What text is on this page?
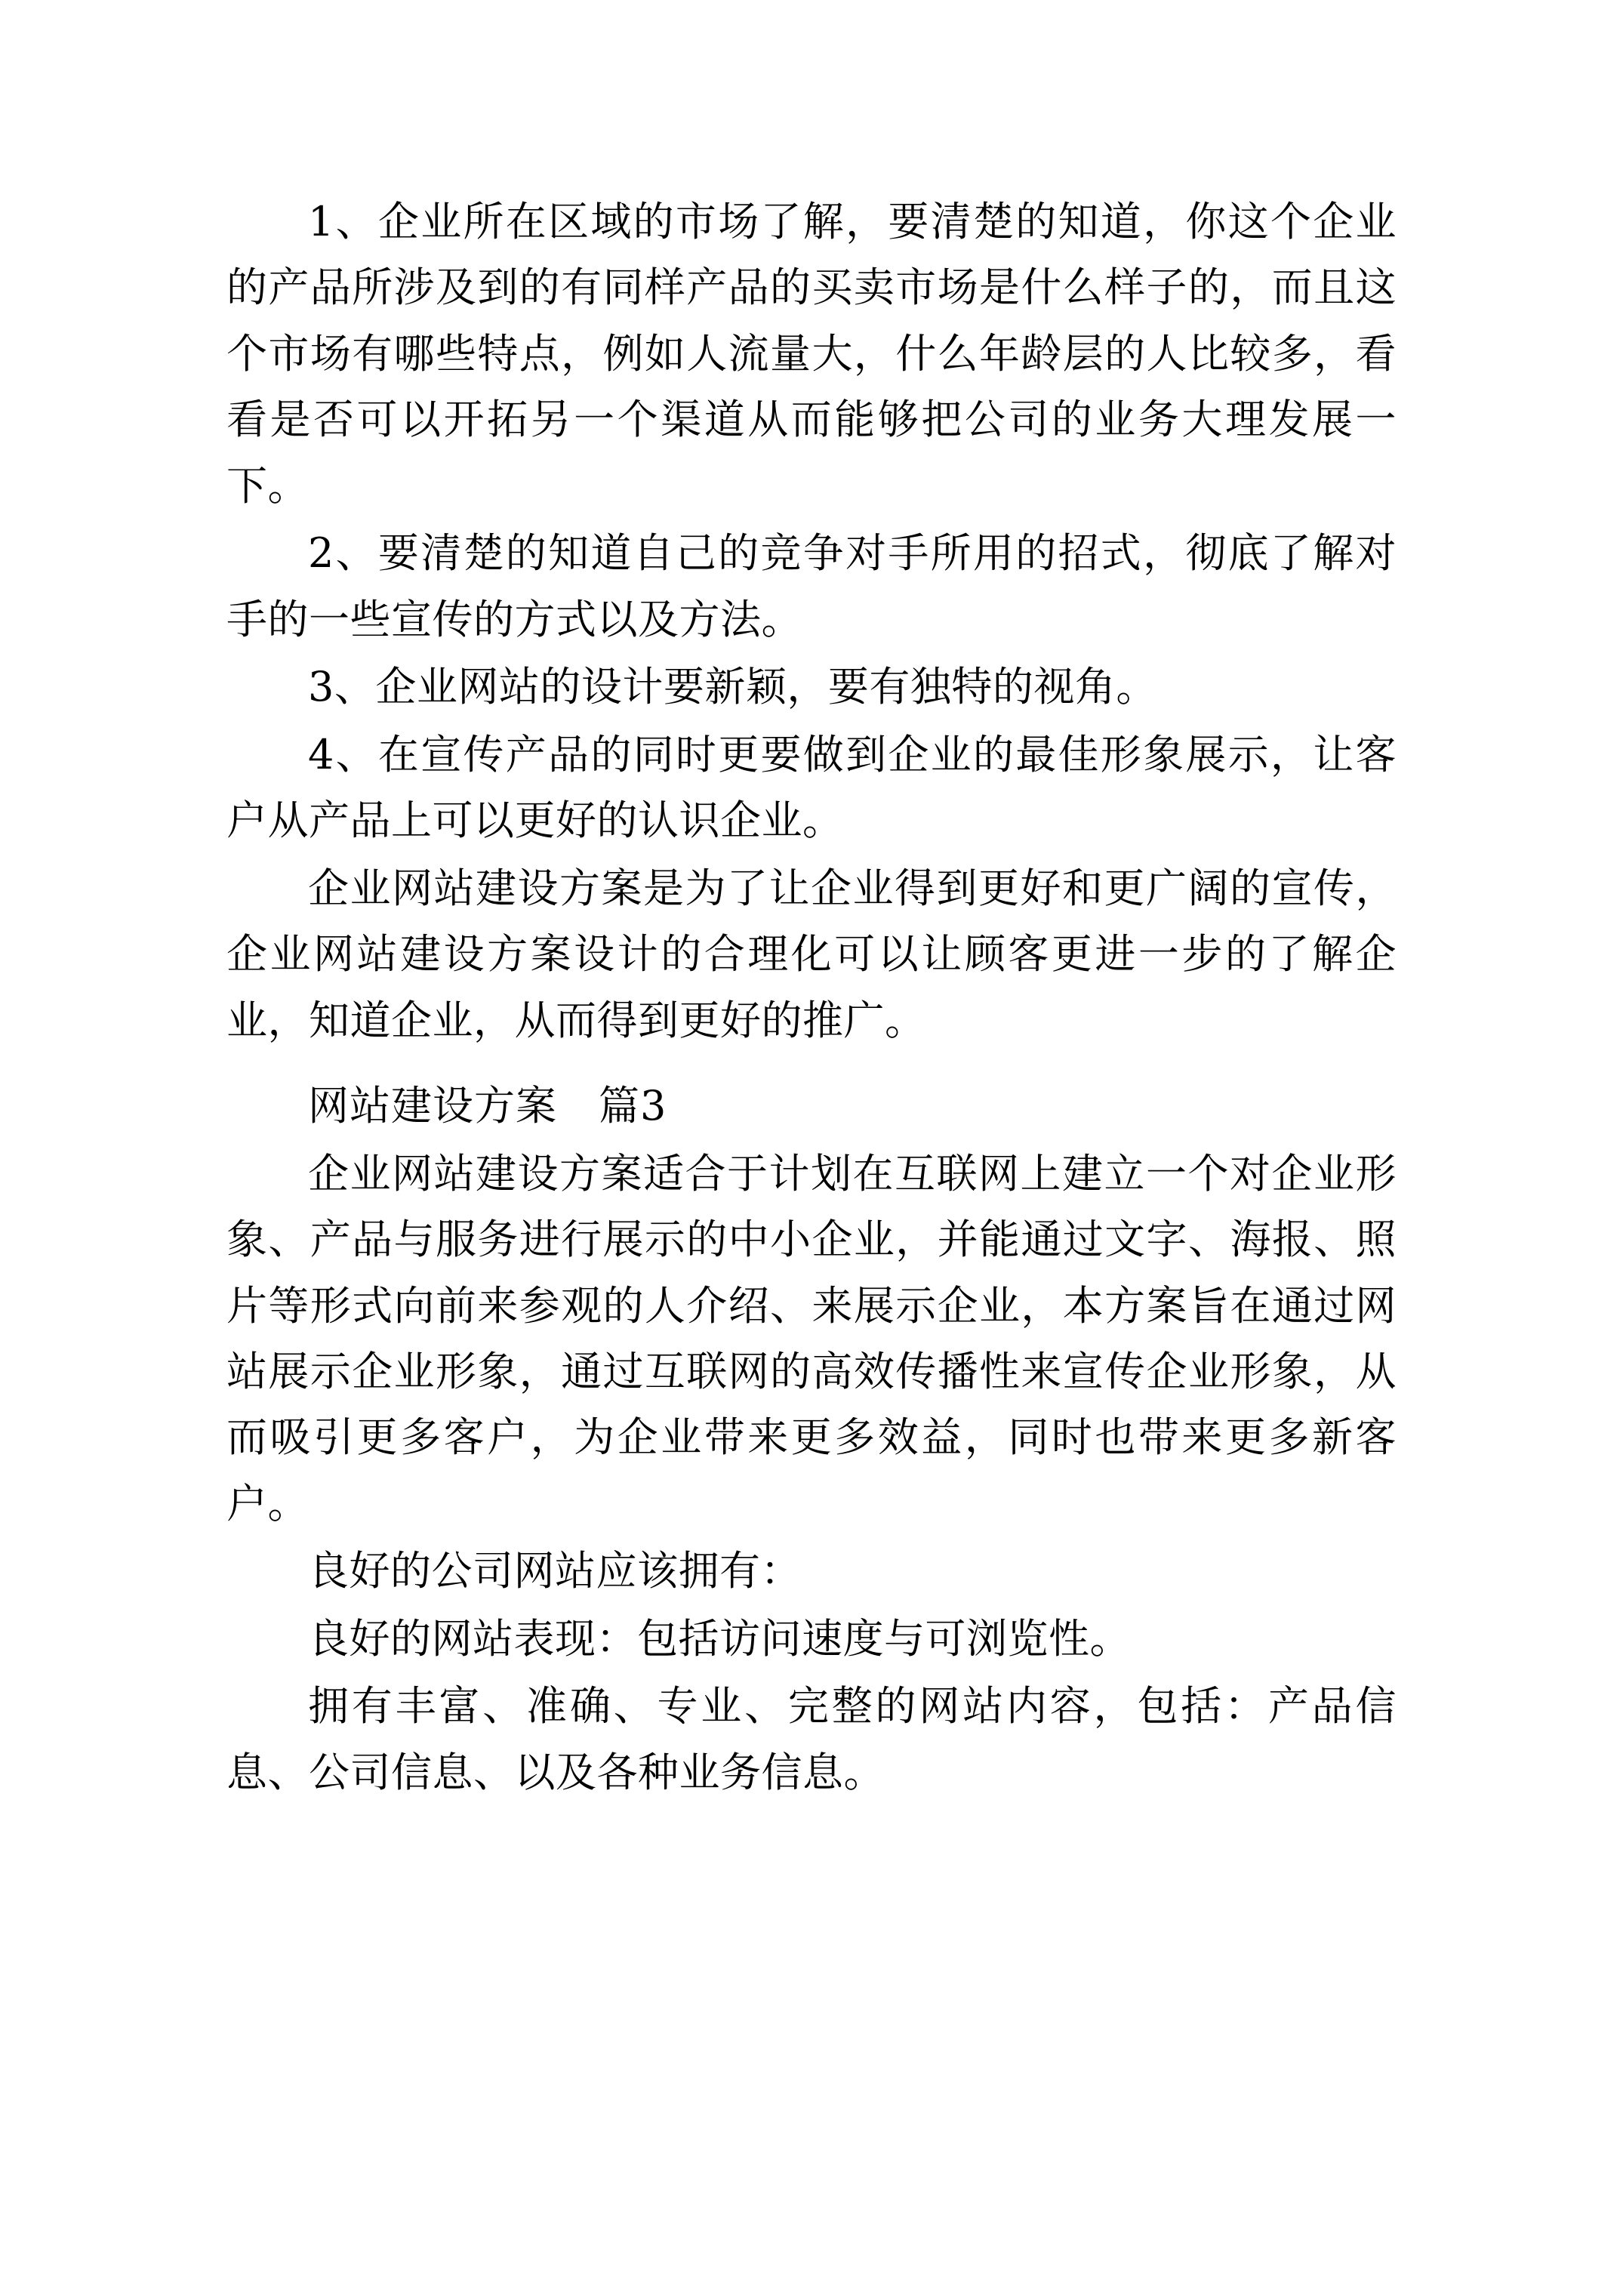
1、企业所在区域的市场了解，要清楚的知道，你这个企业的产品所涉及到的有同样产品的买卖市场是什么样子的，而且这个市场有哪些特点，例如人流量大，什么年龄层的人比较多，看看是否可以开拓另一个渠道从而能够把公司的业务大理发展一下。

2、要清楚的知道自己的竞争对手所用的招式，彻底了解对手的一些宣传的方式以及方法。

3、企业网站的设计要新颖，要有独特的视角。

4、在宣传产品的同时更要做到企业的最佳形象展示，让客户从产品上可以更好的认识企业。

企业网站建设方案是为了让企业得到更好和更广阔的宣传，企业网站建设方案设计的合理化可以让顾客更进一步的了解企业，知道企业，从而得到更好的推广。

网站建设方案　篇3

企业网站建设方案适合于计划在互联网上建立一个对企业形象、产品与服务进行展示的中小企业，并能通过文字、海报、照片等形式向前来参观的人介绍、来展示企业，本方案旨在通过网站展示企业形象，通过互联网的高效传播性来宣传企业形象，从而吸引更多客户，为企业带来更多效益，同时也带来更多新客户。

良好的公司网站应该拥有：

良好的网站表现：包括访问速度与可浏览性。

拥有丰富、准确、专业、完整的网站内容，包括：产品信息、公司信息、以及各种业务信息。
